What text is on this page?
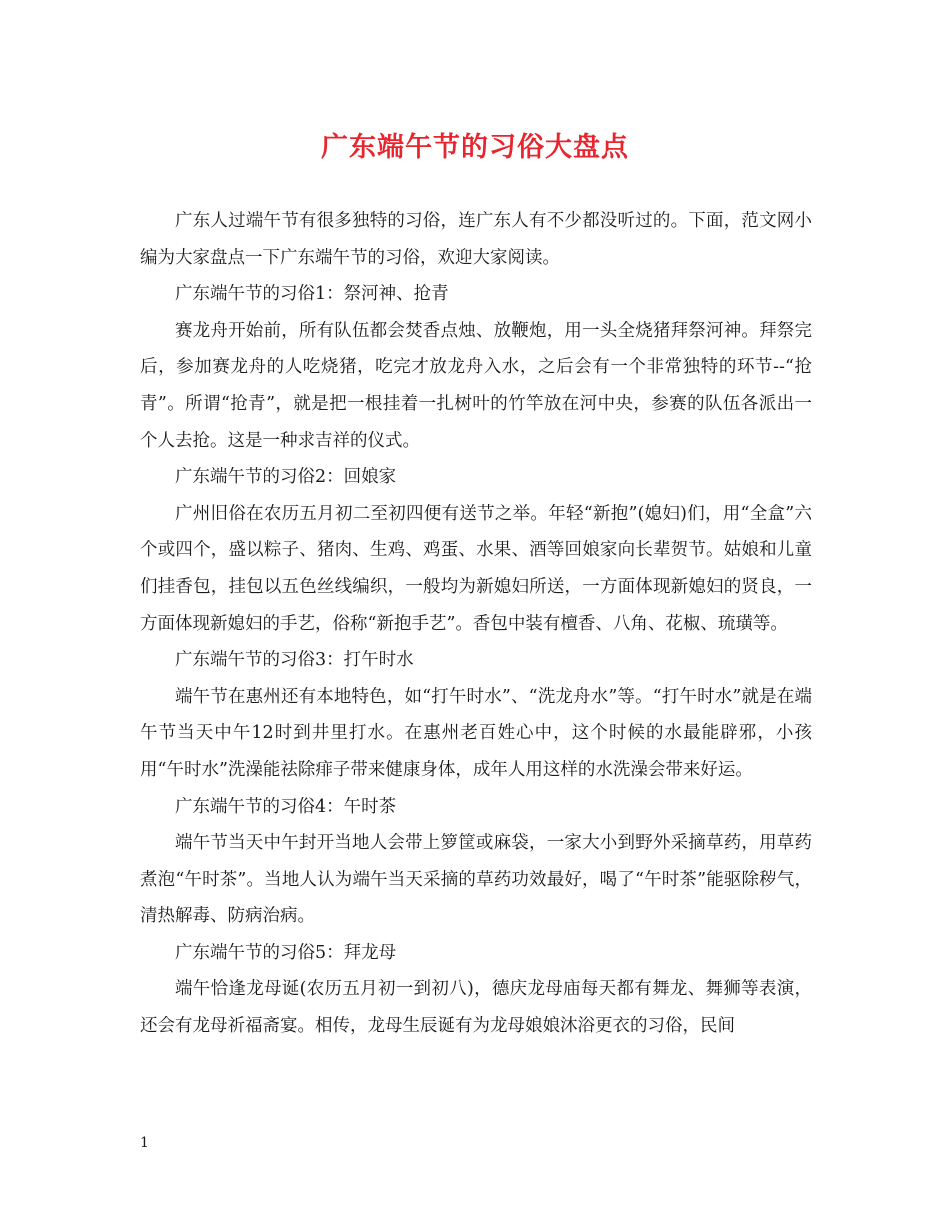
广东端午节的习俗大盘点

广东人过端午节有很多独特的习俗，连广东人有不少都没听过的。下面，范文网小编为大家盘点一下广东端午节的习俗，欢迎大家阅读。

广东端午节的习俗1：祭河神、抢青

赛龙舟开始前，所有队伍都会焚香点烛、放鞭炮，用一头全烧猪拜祭河神。拜祭完后，参加赛龙舟的人吃烧猪，吃完才放龙舟入水，之后会有一个非常独特的环节--“抢青”。所谓“抢青”，就是把一根挂着一扎树叶的竹竿放在河中央，参赛的队伍各派出一个人去抢。这是一种求吉祥的仪式。

广东端午节的习俗2：回娘家

广州旧俗在农历五月初二至初四便有送节之举。年轻“新抱”(媳妇)们，用“全盒”六个或四个，盛以粽子、猪肉、生鸡、鸡蛋、水果、酒等回娘家向长辈贺节。姑娘和儿童们挂香包，挂包以五色丝线编织，一般均为新媳妇所送，一方面体现新媳妇的贤良，一方面体现新媳妇的手艺，俗称“新抱手艺”。香包中装有檀香、八角、花椒、琉璜等。

广东端午节的习俗3：打午时水

端午节在惠州还有本地特色，如“打午时水”、“洗龙舟水”等。“打午时水”就是在端午节当天中午12时到井里打水。在惠州老百姓心中，这个时候的水最能辟邪，小孩用“午时水”洗澡能祛除痱子带来健康身体，成年人用这样的水洗澡会带来好运。

广东端午节的习俗4：午时茶

端午节当天中午封开当地人会带上箩筐或麻袋，一家大小到野外采摘草药，用草药煮泡“午时茶”。当地人认为端午当天采摘的草药功效最好，喝了“午时茶”能驱除秽气，清热解毒、防病治病。

广东端午节的习俗5：拜龙母

端午恰逢龙母诞(农历五月初一到初八)，德庆龙母庙每天都有舞龙、舞狮等表演，还会有龙母祈福斋宴。相传，龙母生辰诞有为龙母娘娘沐浴更衣的习俗，民间

1
